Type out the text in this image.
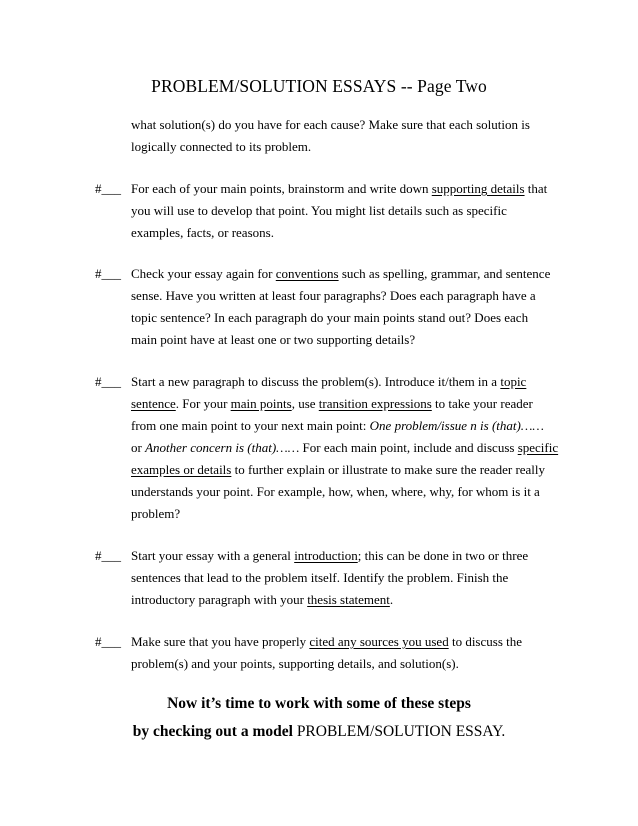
PROBLEM/SOLUTION ESSAYS -- Page Two
what solution(s) do you have for each cause? Make sure that each solution is
logically connected to its problem.
#___ For each of your main points, brainstorm and write down supporting details that
you will use to develop that point. You might list details such as specific
examples, facts, or reasons.
#___ Check your essay again for conventions such as spelling, grammar, and sentence
sense. Have you written at least four paragraphs? Does each paragraph have a
topic sentence? In each paragraph do your main points stand out? Does each
main point have at least one or two supporting details?
#___ Start a new paragraph to discuss the problem(s). Introduce it/them in a topic
sentence. For your main points, use transition expressions to take your reader
from one main point to your next main point: One problem/issue n is (that)……
or Another concern is (that)…… For each main point, include and discuss specific
examples or details to further explain or illustrate to make sure the reader really
understands your point. For example, how, when, where, why, for whom is it a
problem?
#___ Start your essay with a general introduction; this can be done in two or three
sentences that lead to the problem itself. Identify the problem. Finish the
introductory paragraph with your thesis statement.
#___ Make sure that you have properly cited any sources you used to discuss the
problem(s) and your points, supporting details, and solution(s).
Now it’s time to work with some of these steps
by checking out a model PROBLEM/SOLUTION ESSAY.
